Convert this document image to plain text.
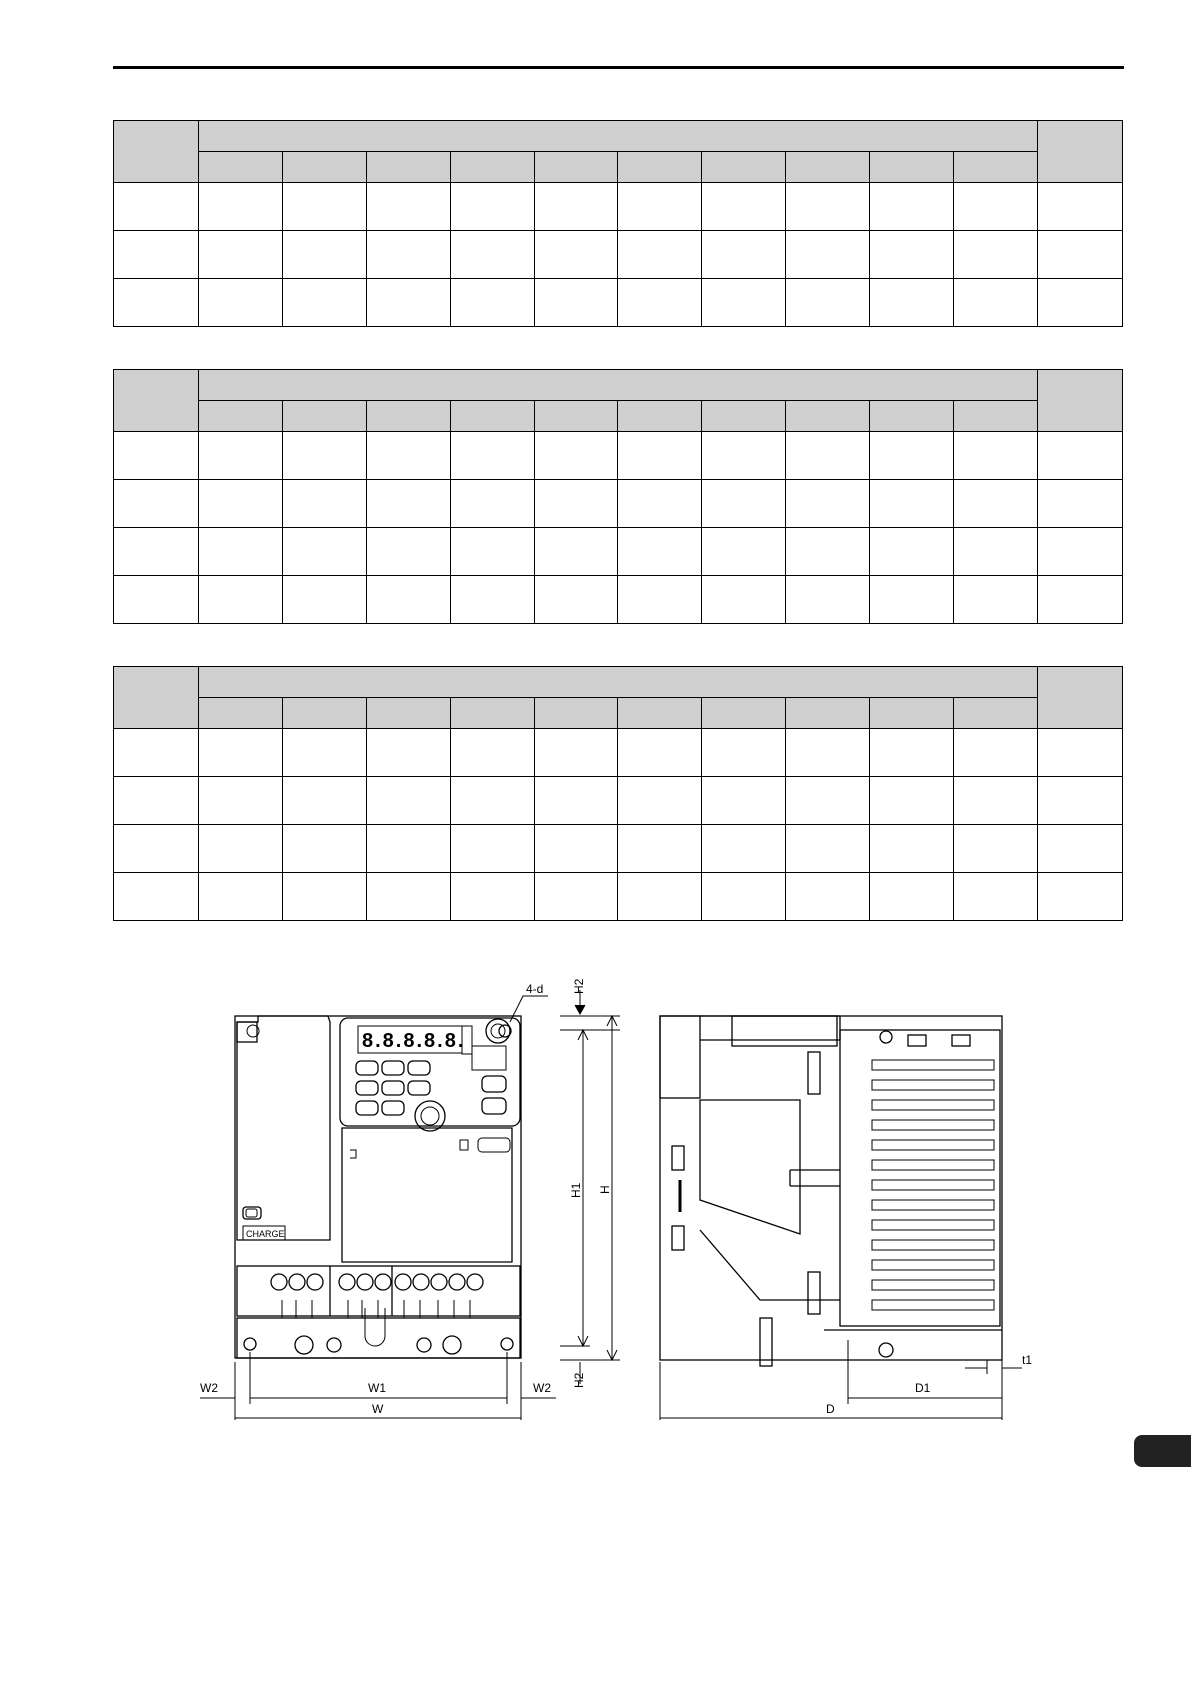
8.8.8.8.8.
CHARGE
4-d H2
H1 H
H2
W2	W1	W2
W
t1
D1
D
